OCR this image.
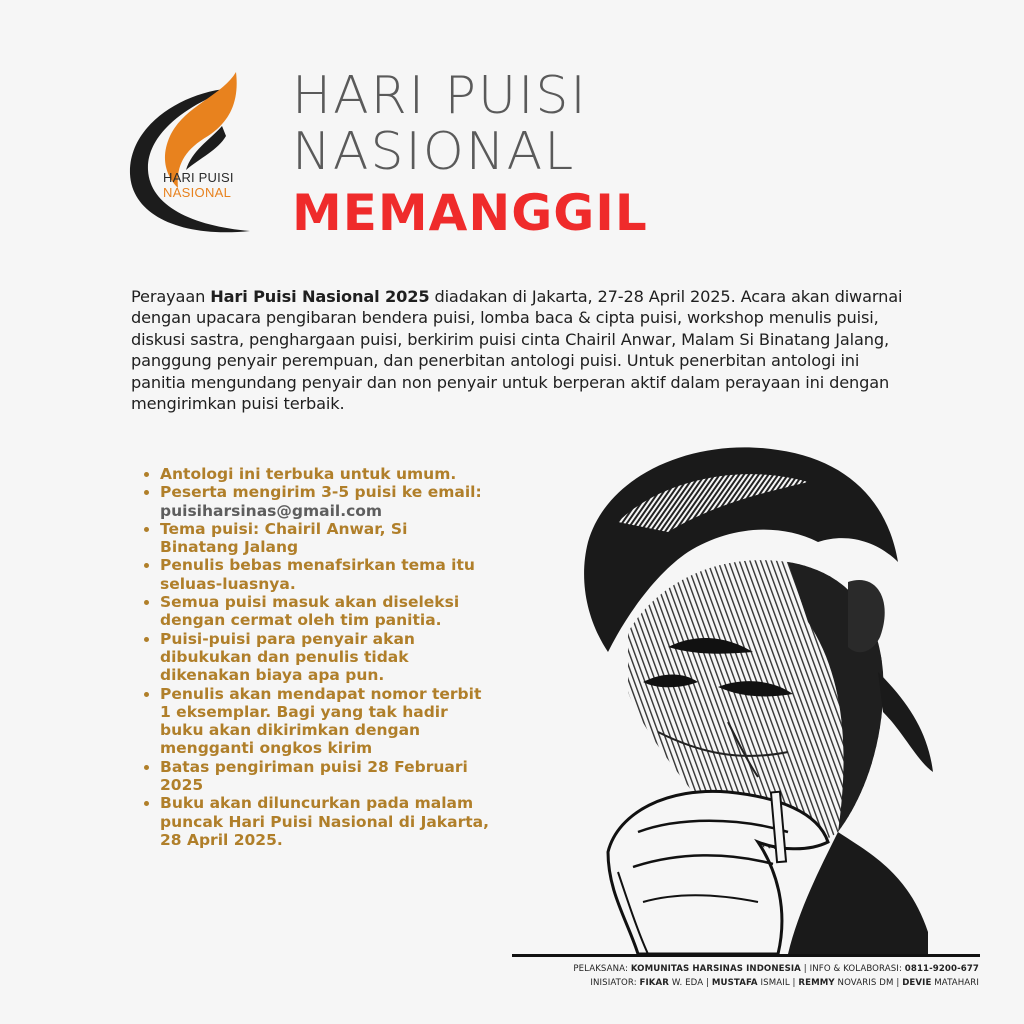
HARI PUISI
NASIONAL
HARI PUISI
NASIONAL
MEMANGGIL

Perayaan Hari Puisi Nasional 2025 diadakan di Jakarta, 27-28 April 2025. Acara akan diwarnai dengan upacara pengibaran bendera puisi, lomba baca & cipta puisi, workshop menulis puisi, diskusi sastra, penghargaan puisi, berkirim puisi cinta Chairil Anwar, Malam Si Binatang Jalang, panggung penyair perempuan, dan penerbitan antologi puisi. Untuk penerbitan antologi ini panitia mengundang penyair dan non penyair untuk berperan aktif dalam perayaan ini dengan mengirimkan puisi terbaik.

• Antologi ini terbuka untuk umum.
• Peserta mengirim 3-5 puisi ke email: puisiharsinas@gmail.com
• Tema puisi: Chairil Anwar, Si Binatang Jalang
• Penulis bebas menafsirkan tema itu seluas-luasnya.
• Semua puisi masuk akan diseleksi dengan cermat oleh tim panitia.
• Puisi-puisi para penyair akan dibukukan dan penulis tidak dikenakan biaya apa pun.
• Penulis akan mendapat nomor terbit 1 eksemplar. Bagi yang tak hadir buku akan dikirimkan dengan mengganti ongkos kirim
• Batas pengiriman puisi 28 Februari 2025
• Buku akan diluncurkan pada malam puncak Hari Puisi Nasional di Jakarta, 28 April 2025.
PELAKSANA: KOMUNITAS HARSINAS INDONESIA | INFO & KOLABORASI: 0811-9200-677
INISIATOR: FIKAR W. EDA | MUSTAFA ISMAIL | REMMY NOVARIS DM | DEVIE MATAHARI
